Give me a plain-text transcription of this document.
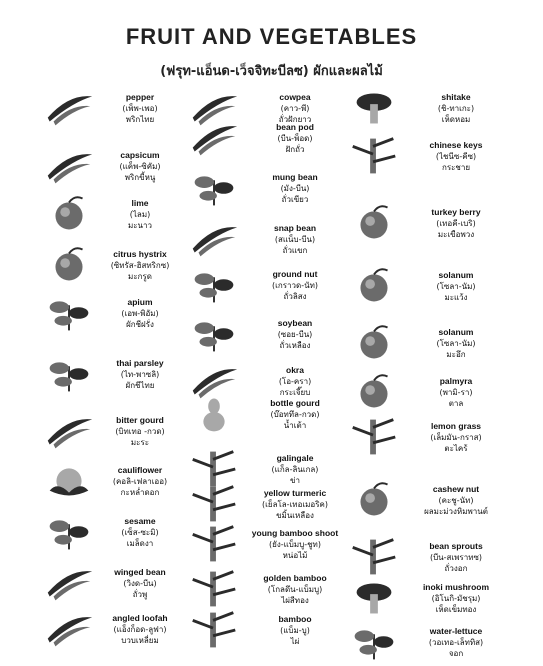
FRUIT AND VEGETABLES
(ฟรุท-แอ็นด-เว็จจิทะบีลซ) ผักและผลไม้
pepper
(เพ็พ-เพอ)
พริกไทย
capsicum
(แค็พ-ซิคัม)
พริกขี้หนู
lime
(ไลม)
มะนาว
citrus hystrix
(ซิทรัส-ฮิสทริกซ)
มะกรูด
apium
(เอพ-พิอัม)
ผักชีฝรั่ง
thai parsley
(ไท-พาซลิ)
ผักชีไทย
bitter gourd
(บิทเทอ -กวด)
มะระ
cauliflower
(คอลิ-เฟลาเออ)
กะหล่ำดอก
sesame
(เซ็ส-ซะมิ)
เมล็ดงา
winged bean
(วิงด-บีน)
ถั่วพู
angled loofah
(แอ็งก็อด-ลูฟา)
บวบเหลี่ยม
cowpea
(คาว-พี)
ถั่วฝักยาว
bean pod
(บีน-พ็อด)
ฝักถั่ว
mung bean
(มัง-บีน)
ถั่วเขียว
snap bean
(สแน็บ-บีน)
ถั่วแขก
ground nut
(เกราวด-นัท)
ถั่วลิสง
soybean
(ซอย-บีน)
ถั่วเหลือง
okra
(โอ-ครา)
กระเจี๊ยบ
bottle gourd
(บ๊อททึล-กวด)
น้ำเต้า
galingale
(แก็ล-ลินเกล)
ข่า
yellow turmeric
(เย็ลโล-เทอเมอริค)
ขมิ้นเหลือง
young bamboo shoot
(ยัง-แบ็มบู-ชูท)
หน่อไม้
golden bamboo
(โกลดึน-แบ็มบู)
ไผ่สีทอง
bamboo
(แบ็ม-บู)
ไผ่
shitake
(ชิ-ทาเกะ)
เห็ดหอม
chinese keys
(ไชนีซ-คีซ)
กระชาย
turkey berry
(เทอคี-เบริ)
มะเขือพวง
solanum
(โซลา-นัม)
มะแว้ง
solanum
(โซลา-นัม)
มะอึก
palmyra
(พามิ-รา)
ตาล
lemon grass
(เล็มมัน-กราส)
ตะไคร้
cashew nut
(คะชู-นัท)
ผลมะม่วงหิมพานต์
bean sprouts
(บีน-สเพราทซ)
ถั่วงอก
inoki mushroom
(อิโนกิ-มัชรุม)
เห็ดเข็มทอง
water-lettuce
(วอเทอ-เล็ททิส)
จอก
